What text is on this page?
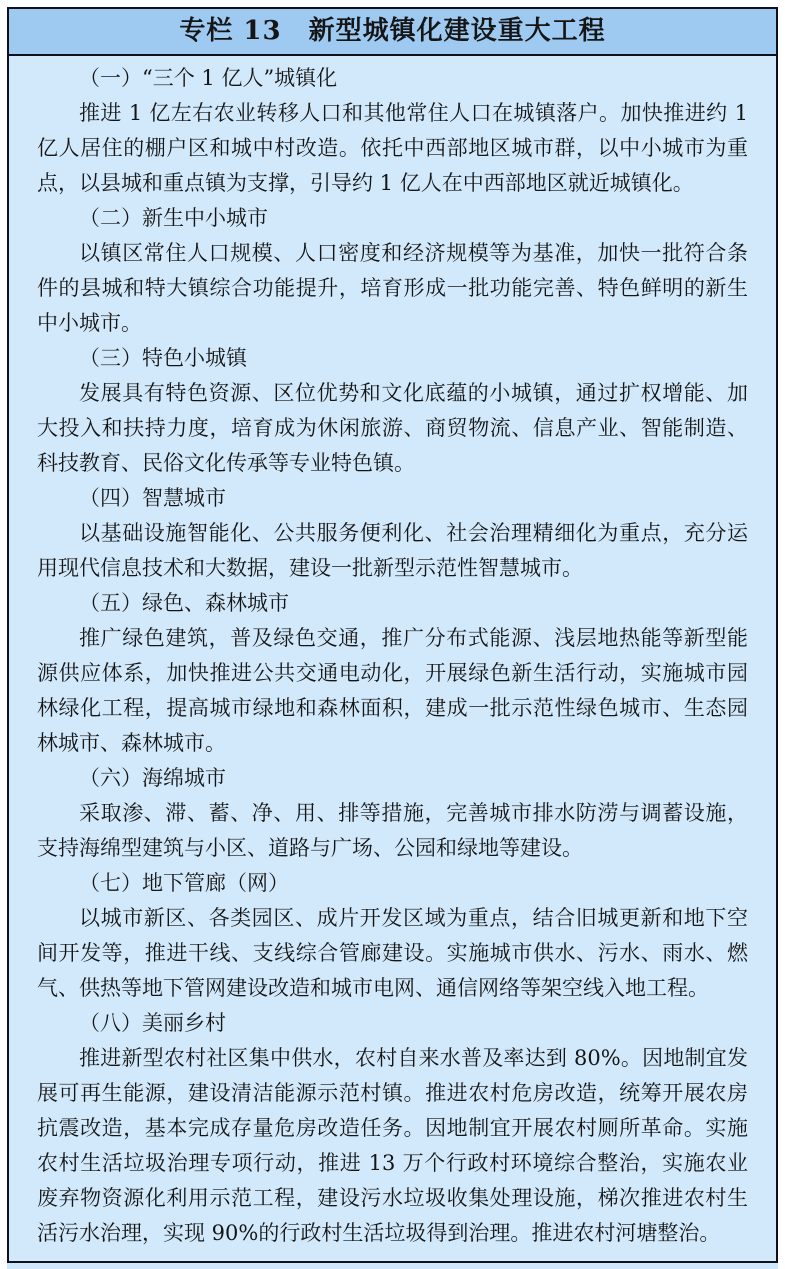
专栏 13　新型城镇化建设重大工程
（一）“三个 1 亿人”城镇化

推进 1 亿左右农业转移人口和其他常住人口在城镇落户。加快推进约 1 亿人居住的棚户区和城中村改造。依托中西部地区城市群，以中小城市为重点，以县城和重点镇为支撑，引导约 1 亿人在中西部地区就近城镇化。

（二）新生中小城市

以镇区常住人口规模、人口密度和经济规模等为基准，加快一批符合条件的县城和特大镇综合功能提升，培育形成一批功能完善、特色鲜明的新生中小城市。

（三）特色小城镇

发展具有特色资源、区位优势和文化底蕴的小城镇，通过扩权增能、加大投入和扶持力度，培育成为休闲旅游、商贸物流、信息产业、智能制造、科技教育、民俗文化传承等专业特色镇。

（四）智慧城市

以基础设施智能化、公共服务便利化、社会治理精细化为重点，充分运用现代信息技术和大数据，建设一批新型示范性智慧城市。

（五）绿色、森林城市

推广绿色建筑，普及绿色交通，推广分布式能源、浅层地热能等新型能源供应体系，加快推进公共交通电动化，开展绿色新生活行动，实施城市园林绿化工程，提高城市绿地和森林面积，建成一批示范性绿色城市、生态园林城市、森林城市。

（六）海绵城市

采取渗、滞、蓄、净、用、排等措施，完善城市排水防涝与调蓄设施，支持海绵型建筑与小区、道路与广场、公园和绿地等建设。

（七）地下管廊（网）

以城市新区、各类园区、成片开发区域为重点，结合旧城更新和地下空间开发等，推进干线、支线综合管廊建设。实施城市供水、污水、雨水、燃气、供热等地下管网建设改造和城市电网、通信网络等架空线入地工程。

（八）美丽乡村

推进新型农村社区集中供水，农村自来水普及率达到 80%。因地制宜发展可再生能源，建设清洁能源示范村镇。推进农村危房改造，统筹开展农房抗震改造，基本完成存量危房改造任务。因地制宜开展农村厕所革命。实施农村生活垃圾治理专项行动，推进 13 万个行政村环境综合整治，实施农业废弃物资源化利用示范工程，建设污水垃圾收集处理设施，梯次推进农村生活污水治理，实现 90%的行政村生活垃圾得到治理。推进农村河塘整治。
